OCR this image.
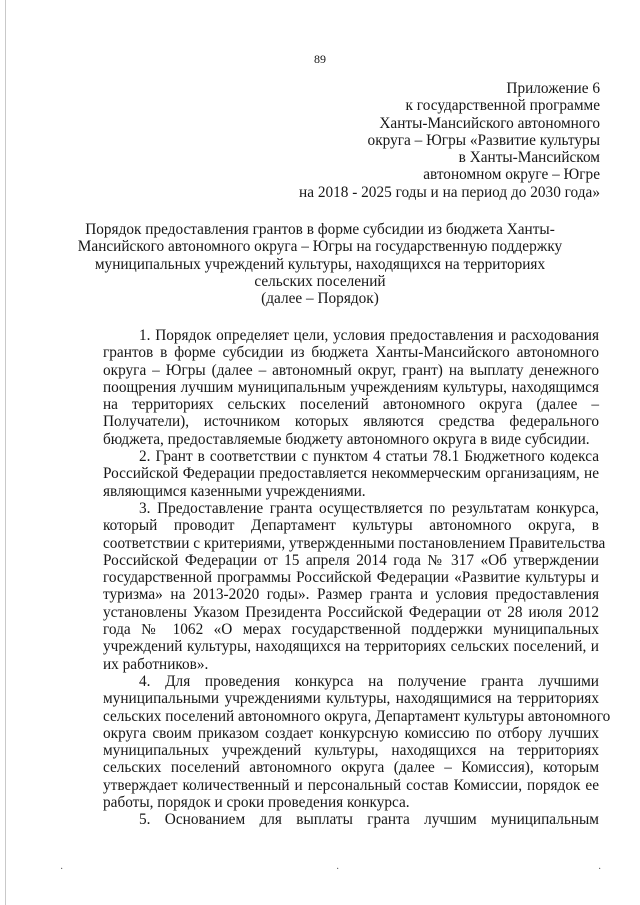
89
Приложение 6
к государственной программе
Ханты-Мансийского автономного
округа – Югры «Развитие культуры
в Ханты-Мансийском
автономном округе – Югре
на 2018 - 2025 годы и на период до 2030 года»
Порядок предоставления грантов в форме субсидии из бюджета Ханты-
Мансийского автономного округа – Югры на государственную поддержку
муниципальных учреждений культуры, находящихся на территориях
сельских поселений
(далее – Порядок)
1. Порядок определяет цели, условия предоставления и расходования
грантов в форме субсидии из бюджета Ханты-Мансийского автономного
округа – Югры (далее – автономный округ, грант) на выплату денежного
поощрения лучшим муниципальным учреждениям культуры, находящимся
на территориях сельских поселений автономного округа (далее –
Получатели), источником которых являются средства федерального
бюджета, предоставляемые бюджету автономного округа в виде субсидии.
2. Грант в соответствии с пунктом 4 статьи 78.1 Бюджетного кодекса
Российской Федерации предоставляется некоммерческим организациям, не
являющимся казенными учреждениями.
3. Предоставление гранта осуществляется по результатам конкурса,
который проводит Департамент культуры автономного округа, в
соответствии с критериями, утвержденными постановлением Правительства
Российской Федерации от 15 апреля 2014 года № 317 «Об утверждении
государственной программы Российской Федерации «Развитие культуры и
туризма» на 2013-2020 годы». Размер гранта и условия предоставления
установлены Указом Президента Российской Федерации от 28 июля 2012
года № 1062 «О мерах государственной поддержки муниципальных
учреждений культуры, находящихся на территориях сельских поселений, и
их работников».
4. Для проведения конкурса на получение гранта лучшими
муниципальными учреждениями культуры, находящимися на территориях
сельских поселений автономного округа, Департамент культуры автономного
округа своим приказом создает конкурсную комиссию по отбору лучших
муниципальных учреждений культуры, находящихся на территориях
сельских поселений автономного округа (далее – Комиссия), которым
утверждает количественный и персональный состав Комиссии, порядок ее
работы, порядок и сроки проведения конкурса.
5. Основанием для выплаты гранта лучшим муниципальным
·	·	·
